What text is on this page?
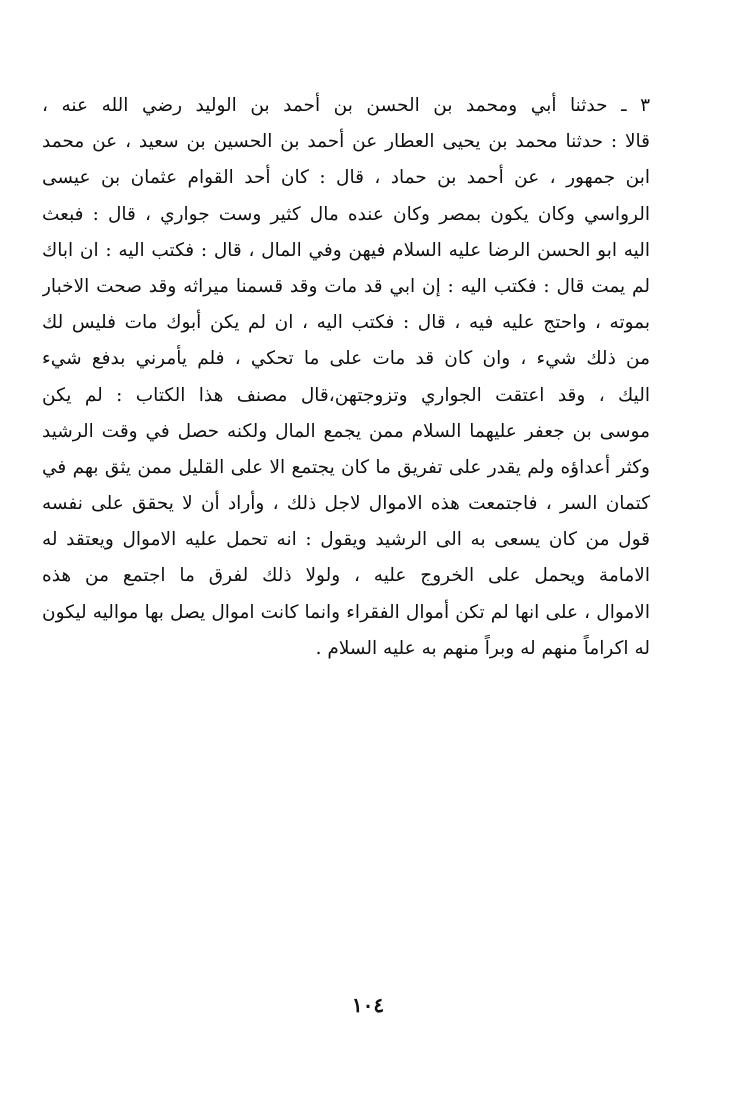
٣ ـ حدثنا أبي ومحمد بن الحسن بن أحمد بن الوليد رضي الله عنه ،
قالا : حدثنا محمد بن يحيى العطار عن أحمد بن الحسين بن سعيد ، عن محمد
ابن جمهور ، عن أحمد بن حماد ، قال : كان أحد القوام عثمان بن عيسى
الرواسي وكان يكون بمصر وكان عنده مال كثير وست جواري ، قال : فبعث
اليه ابو الحسن الرضا عليه السلام فيهن وفي المال ، قال : فكتب اليه : ان اباك
لم يمت قال : فكتب اليه : إن ابي قد مات وقد قسمنا ميراثه وقد صحت الاخبار
بموته ، واحتج عليه فيه ، قال : فكتب اليه ، ان لم يكن أبوك مات فليس لك
من ذلك شيء ، وان كان قد مات على ما تحكي ، فلم يأمرني بدفع شيء
اليك ، وقد اعتقت الجواري وتزوجتهن،قال مصنف هذا الكتاب : لم يكن
موسى بن جعفر عليهما السلام ممن يجمع المال ولكنه حصل في وقت الرشيد
وكثر أعداؤه ولم يقدر على تفريق ما كان يجتمع الا على القليل ممن يثق بهم في
كتمان السر ، فاجتمعت هذه الاموال لاجل ذلك ، وأراد أن لا يحقق على نفسه
قول من كان يسعى به الى الرشيد ويقول : انه تحمل عليه الاموال ويعتقد له
الامامة ويحمل على الخروج عليه ، ولولا ذلك لفرق ما اجتمع من هذه
الاموال ، على انها لم تكن أموال الفقراء وانما كانت اموال يصل بها مواليه ليكون
له اكراماً منهم له وبراً منهم به عليه السلام .
١٠٤
